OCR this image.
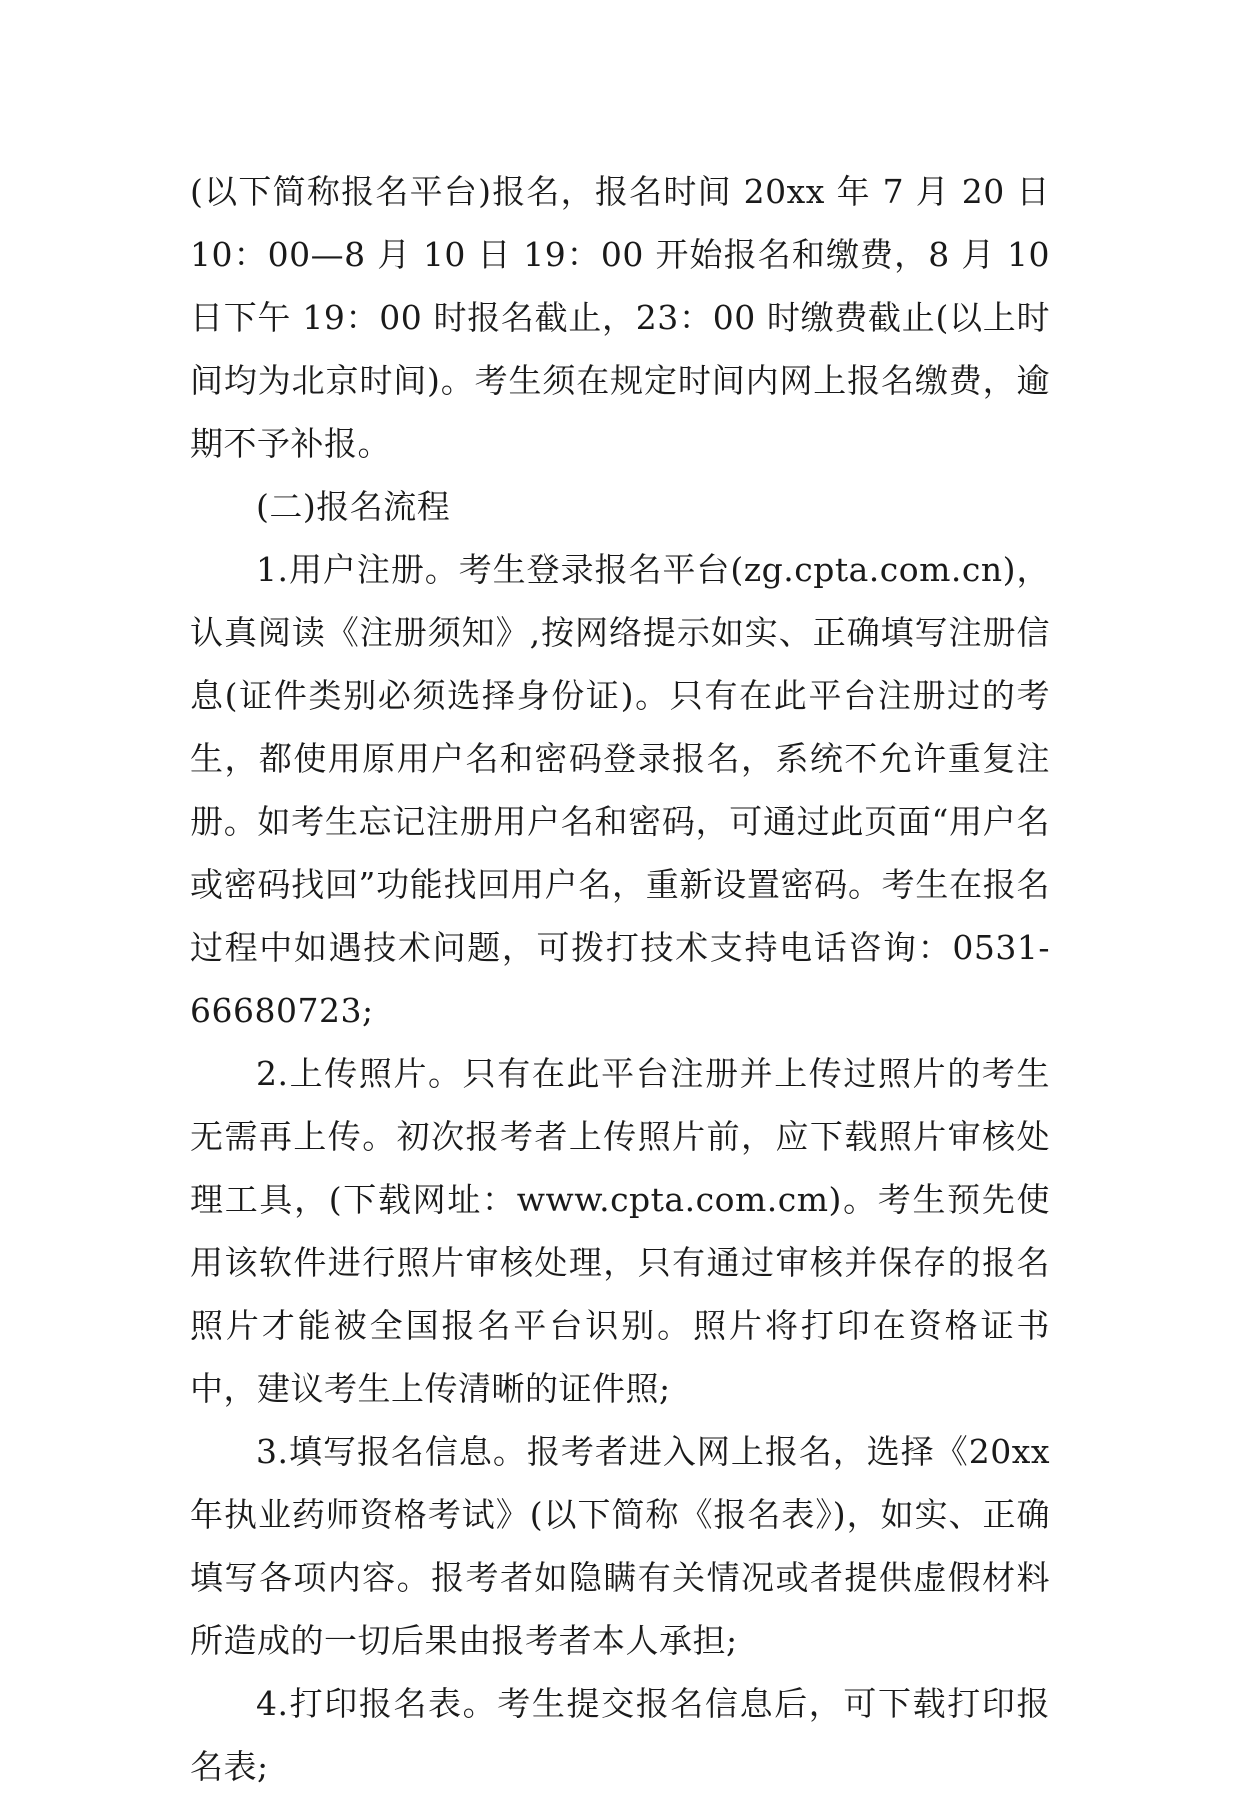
(以下简称报名平台)报名，报名时间 20xx 年 7 月 20 日 10：00—8 月 10 日 19：00 开始报名和缴费，8 月 10 日下午 19：00 时报名截止，23：00 时缴费截止(以上时间均为北京时间)。考生须在规定时间内网上报名缴费，逾期不予补报。

(二)报名流程

1.用户注册。考生登录报名平台(zg.cpta.com.cn)，认真阅读《注册须知》,按网络提示如实、正确填写注册信息(证件类别必须选择身份证)。只有在此平台注册过的考生，都使用原用户名和密码登录报名，系统不允许重复注册。如考生忘记注册用户名和密码，可通过此页面“用户名或密码找回”功能找回用户名，重新设置密码。考生在报名过程中如遇技术问题，可拨打技术支持电话咨询：0531-66680723;

2.上传照片。只有在此平台注册并上传过照片的考生无需再上传。初次报考者上传照片前，应下载照片审核处理工具，(下载网址：www.cpta.com.cm)。考生预先使用该软件进行照片审核处理，只有通过审核并保存的报名照片才能被全国报名平台识别。照片将打印在资格证书中，建议考生上传清晰的证件照;

3.填写报名信息。报考者进入网上报名，选择《20xx 年执业药师资格考试》(以下简称《报名表》)，如实、正确填写各项内容。报考者如隐瞒有关情况或者提供虚假材料所造成的一切后果由报考者本人承担;

4.打印报名表。考生提交报名信息后，可下载打印报名表;
